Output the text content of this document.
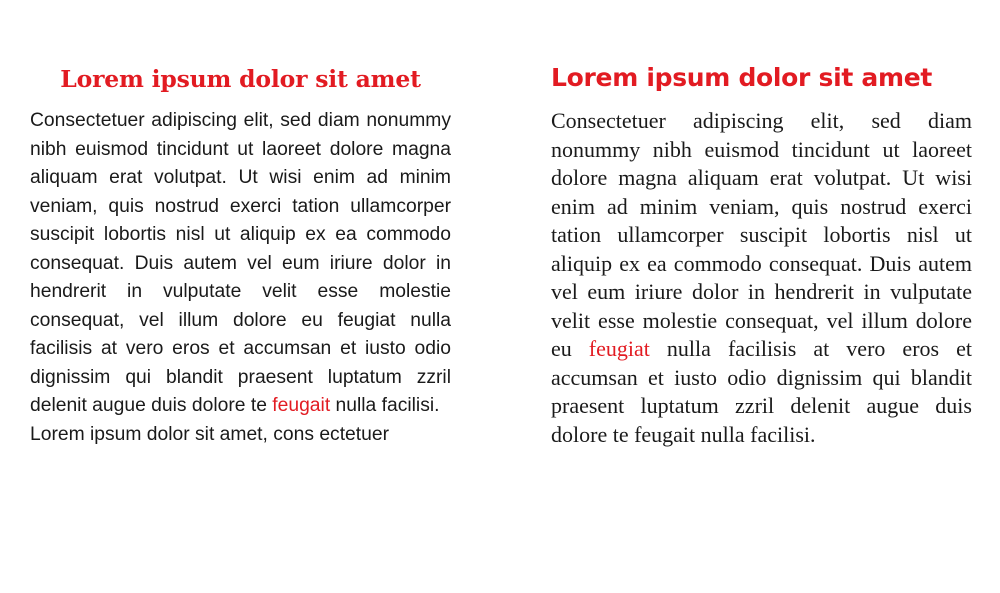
Lorem ipsum dolor sit amet

Consectetuer adipiscing elit, sed diam nonummy nibh euismod tincidunt ut laoreet dolore magna aliquam erat volutpat. Ut wisi enim ad minim veniam, quis nostrud exerci tation ullamcorper suscipit lobortis nisl ut aliquip ex ea commodo consequat. Duis autem vel eum iriure dolor in hendrerit in vulputate velit esse molestie consequat, vel illum dolore eu feugiat nulla facilisis at vero eros et accumsan et iusto odio dignissim qui blandit praesent luptatum zzril delenit augue duis dolore te feugait nulla facilisi.
Lorem ipsum dolor sit amet, cons ectetuer

Lorem ipsum dolor sit amet

Consectetuer adipiscing elit, sed diam nonummy nibh euismod tincidunt ut laoreet dolore magna aliquam erat volutpat. Ut wisi enim ad minim veniam, quis nostrud exerci tation ullamcorper suscipit lobortis nisl ut aliquip ex ea commodo consequat. Duis autem vel eum iriure dolor in hendrerit in vulputate velit esse molestie consequat, vel illum dolore eu feugiat nulla facilisis at vero eros et accumsan et iusto odio dignissim qui blandit praesent luptatum zzril delenit augue duis dolore te feugait nulla facilisi.
